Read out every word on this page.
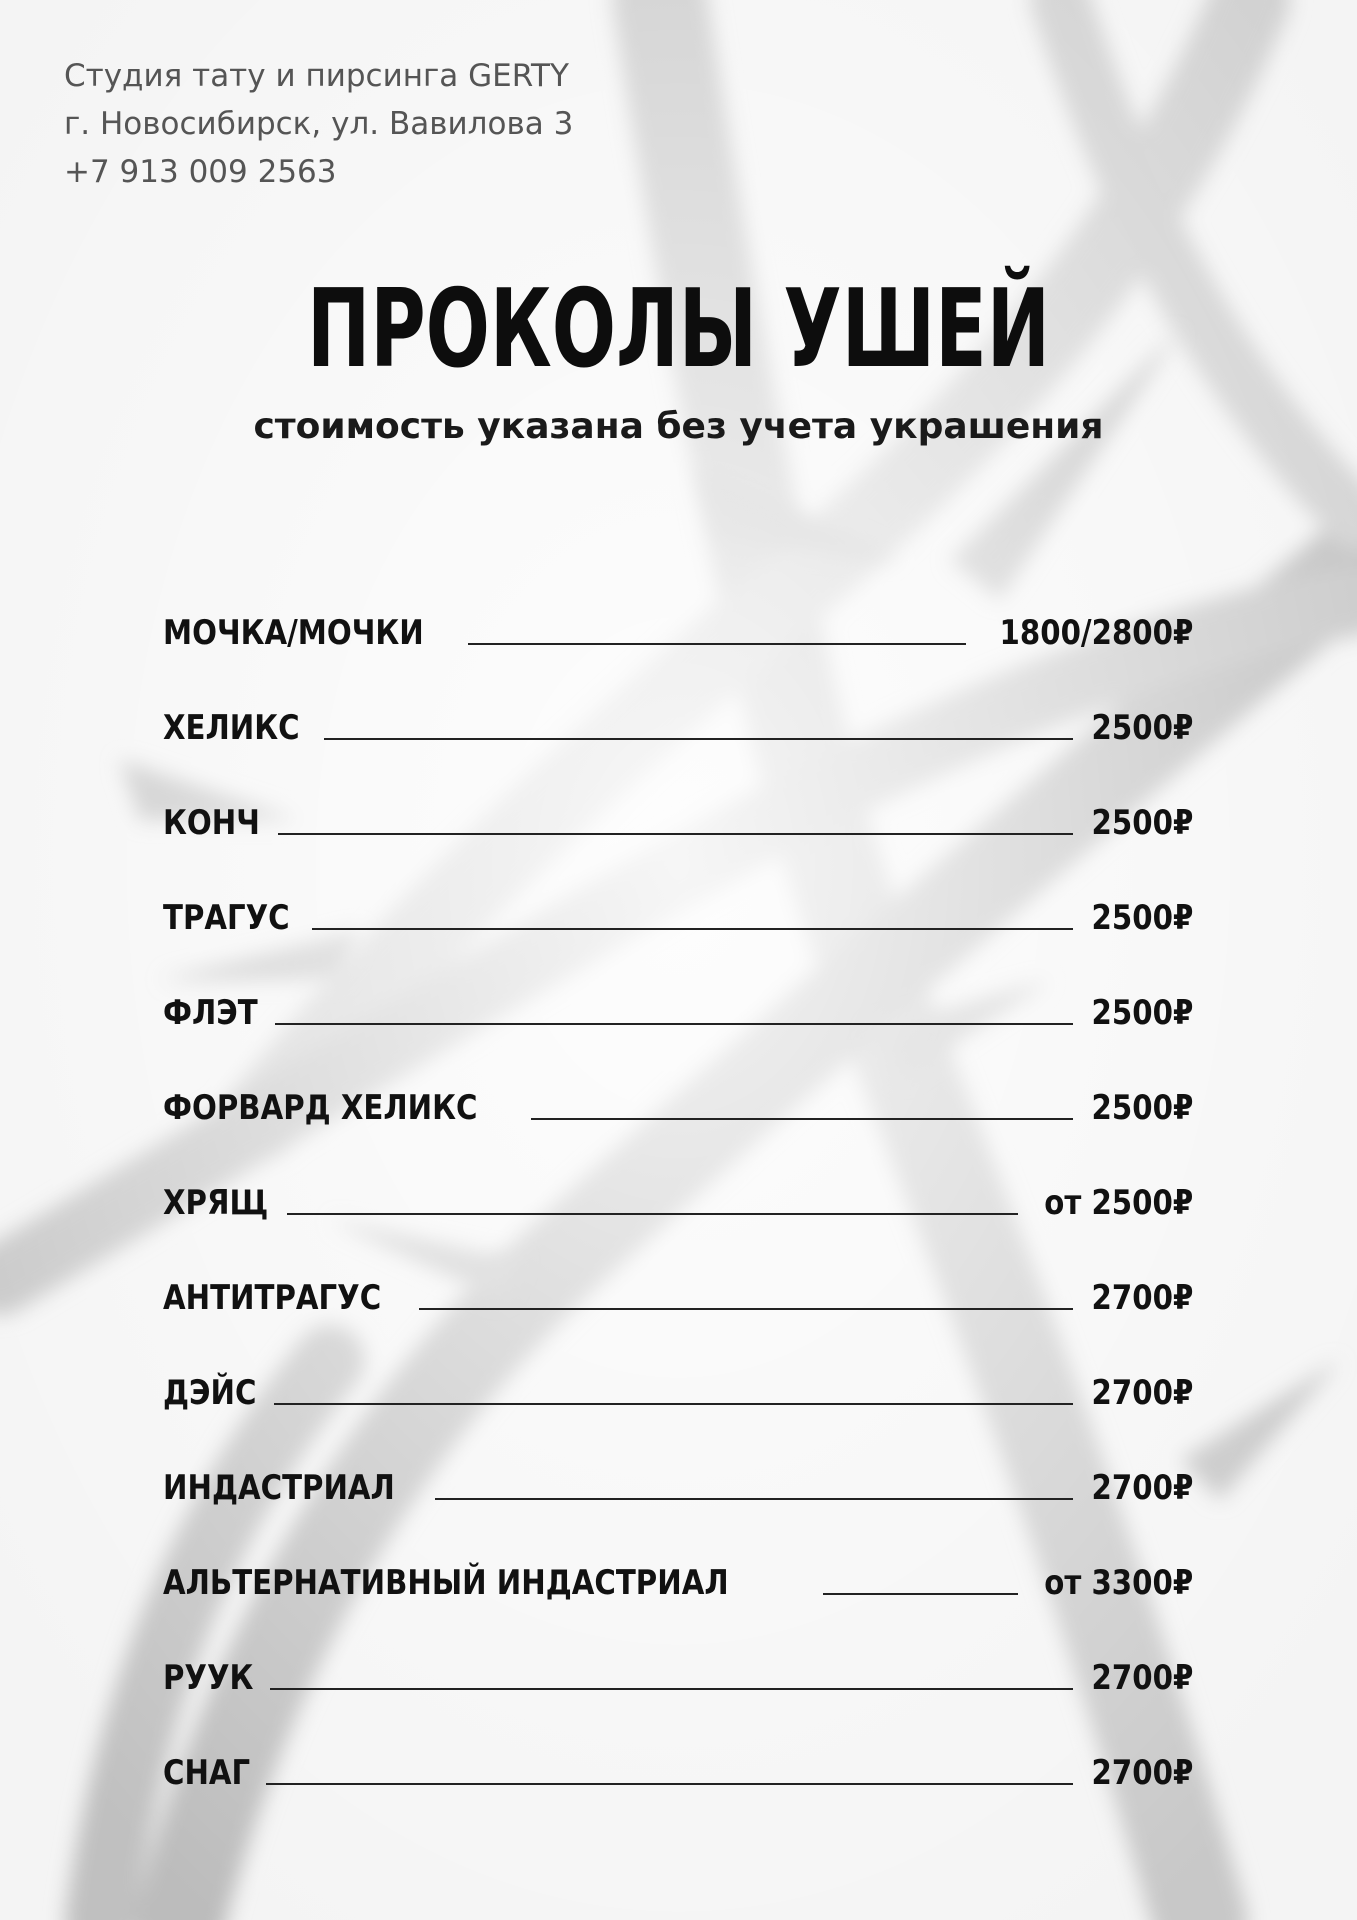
Студия тату и пирсинга GERTY
г. Новосибирск, ул. Вавилова 3
+7 913 009 2563
ПРОКОЛЫ УШЕЙ
стоимость указана без учета украшения
МОЧКА/МОЧКИ	1800/2800₽
ХЕЛИКС	2500₽
КОНЧ	2500₽
ТРАГУС	2500₽
ФЛЭТ	2500₽
ФОРВАРД ХЕЛИКС	2500₽
ХРЯЩ	от 2500₽
АНТИТРАГУС	2700₽
ДЭЙС	2700₽
ИНДАСТРИАЛ	2700₽
АЛЬТЕРНАТИВНЫЙ ИНДАСТРИАЛ	от 3300₽
РУУК	2700₽
СНАГ	2700₽
